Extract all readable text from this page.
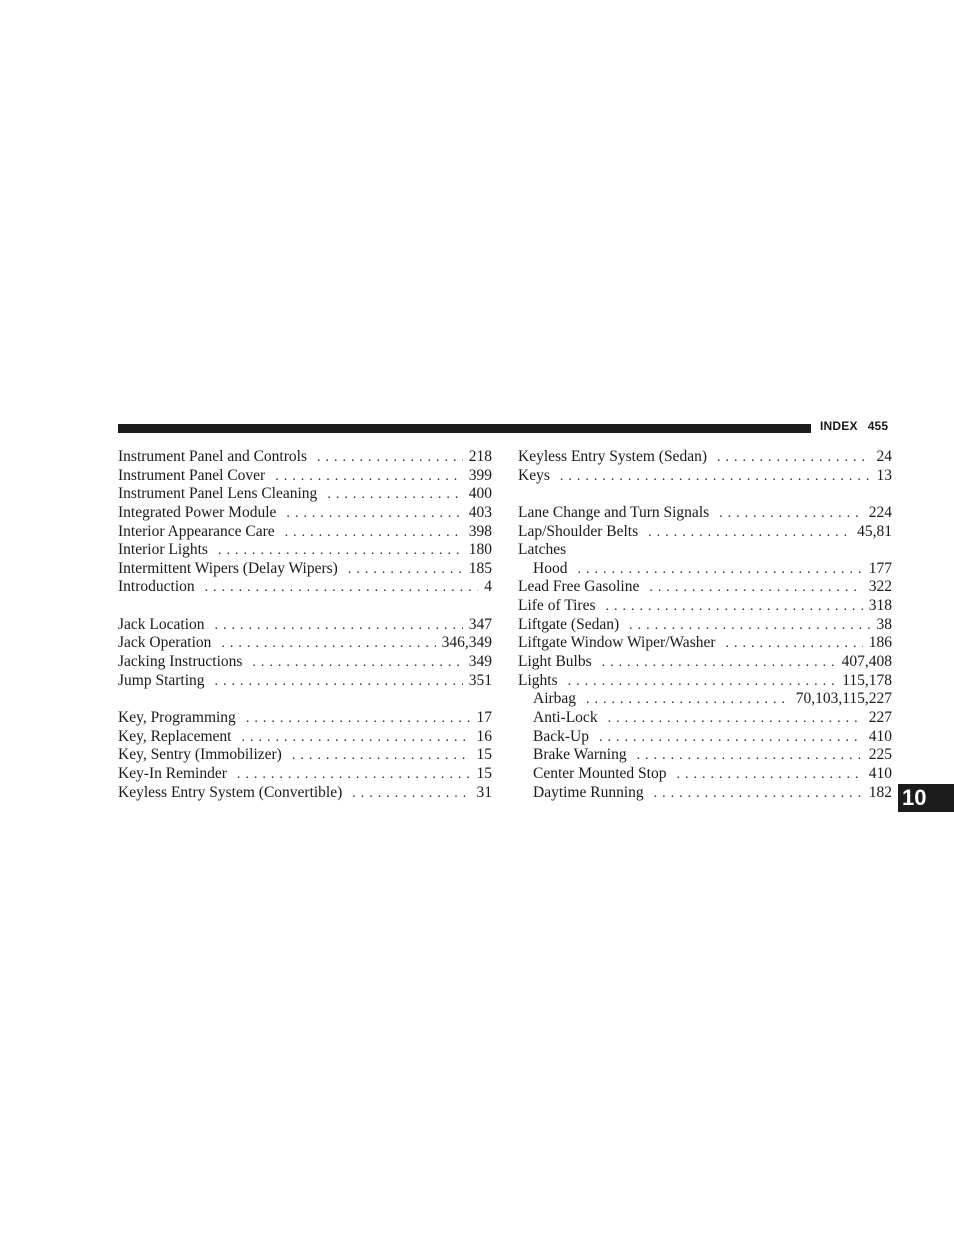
INDEX 455
Instrument Panel and Controls . . .	218
Instrument Panel Cover . . .	399
Instrument Panel Lens Cleaning . . .	400
Integrated Power Module . . .	403
Interior Appearance Care . . .	398
Interior Lights . . .	180
Intermittent Wipers (Delay Wipers) . . .	185
Introduction . . .	4
Jack Location . . .	347
Jack Operation . . .	346,349
Jacking Instructions . . .	349
Jump Starting . . .	351
Key, Programming . . .	17
Key, Replacement . . .	16
Key, Sentry (Immobilizer) . . .	15
Key-In Reminder . . .	15
Keyless Entry System (Convertible) . . .	31
Keyless Entry System (Sedan) . . .	24
Keys . . .	13
Lane Change and Turn Signals . . .	224
Lap/Shoulder Belts . . .	45,81
Latches
Hood . . .	177
Lead Free Gasoline . . .	322
Life of Tires . . .	318
Liftgate (Sedan) . . .	38
Liftgate Window Wiper/Washer . . .	186
Light Bulbs . . .	407,408
Lights . . .	115,178
Airbag . . .	70,103,115,227
Anti-Lock . . .	227
Back-Up . . .	410
Brake Warning . . .	225
Center Mounted Stop . . .	410
Daytime Running . . .	182 10
